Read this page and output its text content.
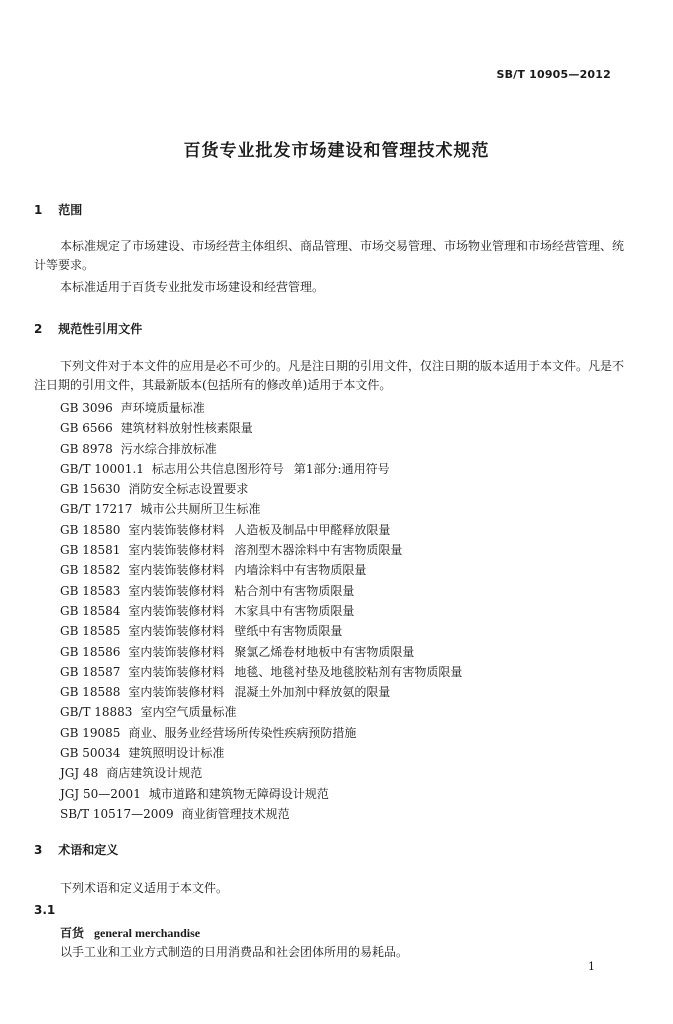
SB/T 10905—2012
百货专业批发市场建设和管理技术规范
1 范围
本标准规定了市场建设、市场经营主体组织、商品管理、市场交易管理、市场物业管理和市场经营管理、统计等要求。
本标准适用于百货专业批发市场建设和经营管理。
2 规范性引用文件
下列文件对于本文件的应用是必不可少的。凡是注日期的引用文件，仅注日期的版本适用于本文件。凡是不注日期的引用文件，其最新版本(包括所有的修改单)适用于本文件。
GB 3096 声环境质量标准
GB 6566 建筑材料放射性核素限量
GB 8978 污水综合排放标准
GB/T 10001.1 标志用公共信息图形符号 第1部分:通用符号
GB 15630 消防安全标志设置要求
GB/T 17217 城市公共厕所卫生标准
GB 18580 室内装饰装修材料 人造板及制品中甲醛释放限量
GB 18581 室内装饰装修材料 溶剂型木器涂料中有害物质限量
GB 18582 室内装饰装修材料 内墙涂料中有害物质限量
GB 18583 室内装饰装修材料 粘合剂中有害物质限量
GB 18584 室内装饰装修材料 木家具中有害物质限量
GB 18585 室内装饰装修材料 壁纸中有害物质限量
GB 18586 室内装饰装修材料 聚氯乙烯卷材地板中有害物质限量
GB 18587 室内装饰装修材料 地毯、地毯衬垫及地毯胶粘剂有害物质限量
GB 18588 室内装饰装修材料 混凝土外加剂中释放氨的限量
GB/T 18883 室内空气质量标准
GB 19085 商业、服务业经营场所传染性疾病预防措施
GB 50034 建筑照明设计标准
JGJ 48 商店建筑设计规范
JGJ 50—2001 城市道路和建筑物无障碍设计规范
SB/T 10517—2009 商业街管理技术规范
3 术语和定义
下列术语和定义适用于本文件。
3.1
百货 general merchandise
以手工业和工业方式制造的日用消费品和社会团体所用的易耗品。
1
